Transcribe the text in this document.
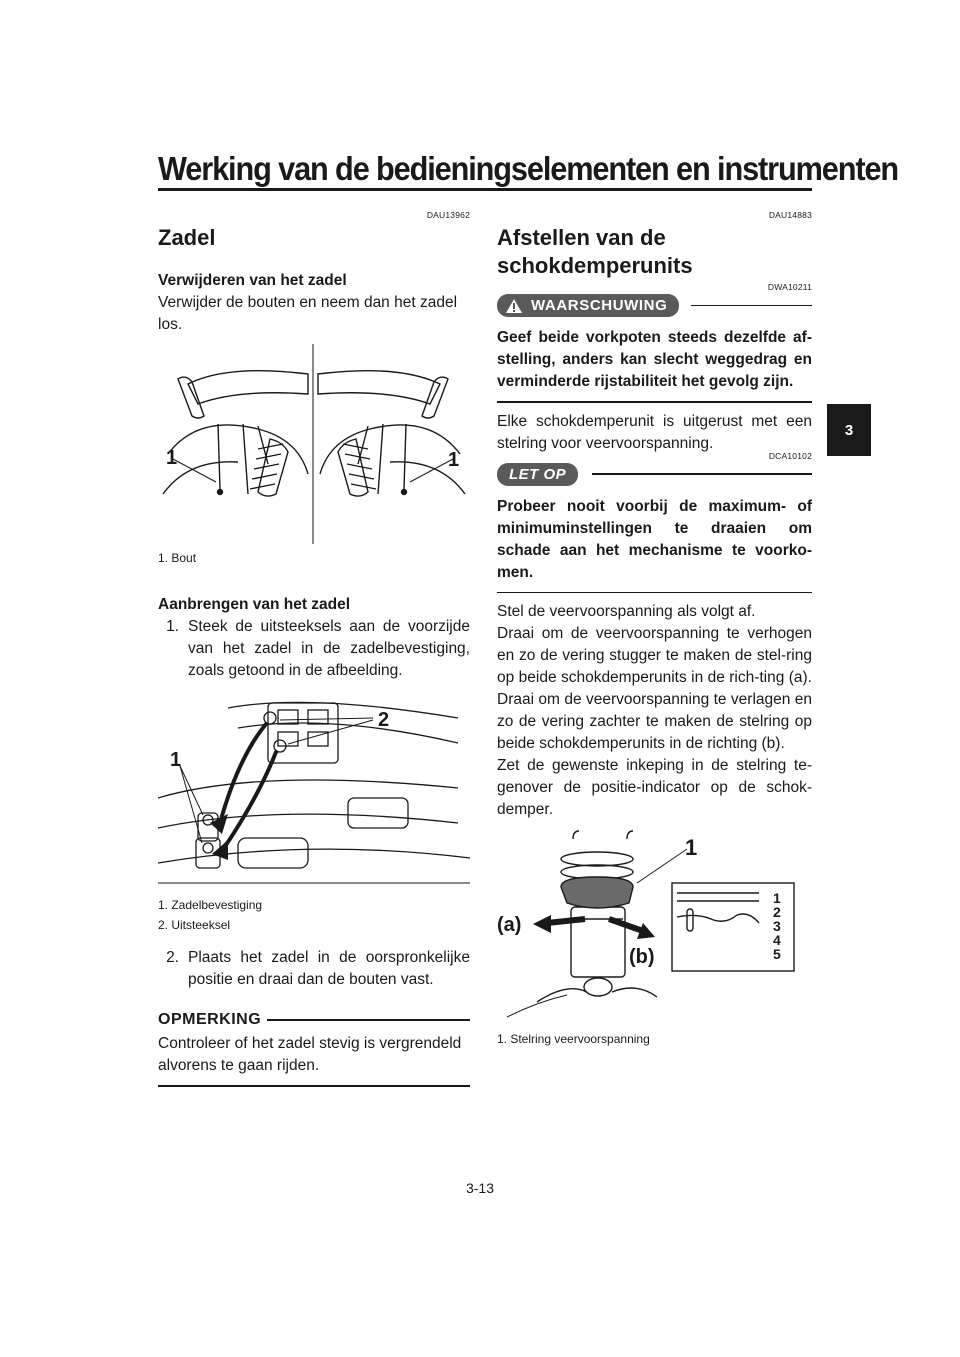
Werking van de bedieningselementen en instrumenten
3
DAU13962
Zadel
Verwijderen van het zadel

Verwijder de bouten en neem dan het zadel los.

1	1
1. Bout
Aanbrengen van het zadel
1. Steek de uitsteeksels aan de voorzijde van het zadel in de zadelbevestiging, zoals getoond in de afbeelding.
2
1
1. Zadelbevestiging
2. Uitsteeksel
2. Plaats het zadel in de oorspronkelijke positie en draai dan de bouten vast.
OPMERKING

Controleer of het zadel stevig is vergrendeld alvorens te gaan rijden.

DAU14883
Afstellen van de
schokdemperunits
DWA10211
WAARSCHUWING

Geef beide vorkpoten steeds dezelfde af-stelling, anders kan slecht weggedrag en verminderde rijstabiliteit het gevolg zijn.

Elke schokdemperunit is uitgerust met een stelring voor veervoorspanning.

DCA10102
LET OP

Probeer nooit voorbij de maximum- of minimuminstellingen te draaien om schade aan het mechanisme te voorko-men.

Stel de veervoorspanning als volgt af.

Draai om de veervoorspanning te verhogen en zo de vering stugger te maken de stel-ring op beide schokdemperunits in de rich-ting (a). Draai om de veervoorspanning te verlagen en zo de vering zachter te maken de stelring op beide schokdemperunits in de richting (b).

Zet de gewenste inkeping in de stelring te-genover de positie-indicator op de schok-demper.

1
(a)
(b)
1
2
3
4
5
1. Stelring veervoorspanning
3-13
